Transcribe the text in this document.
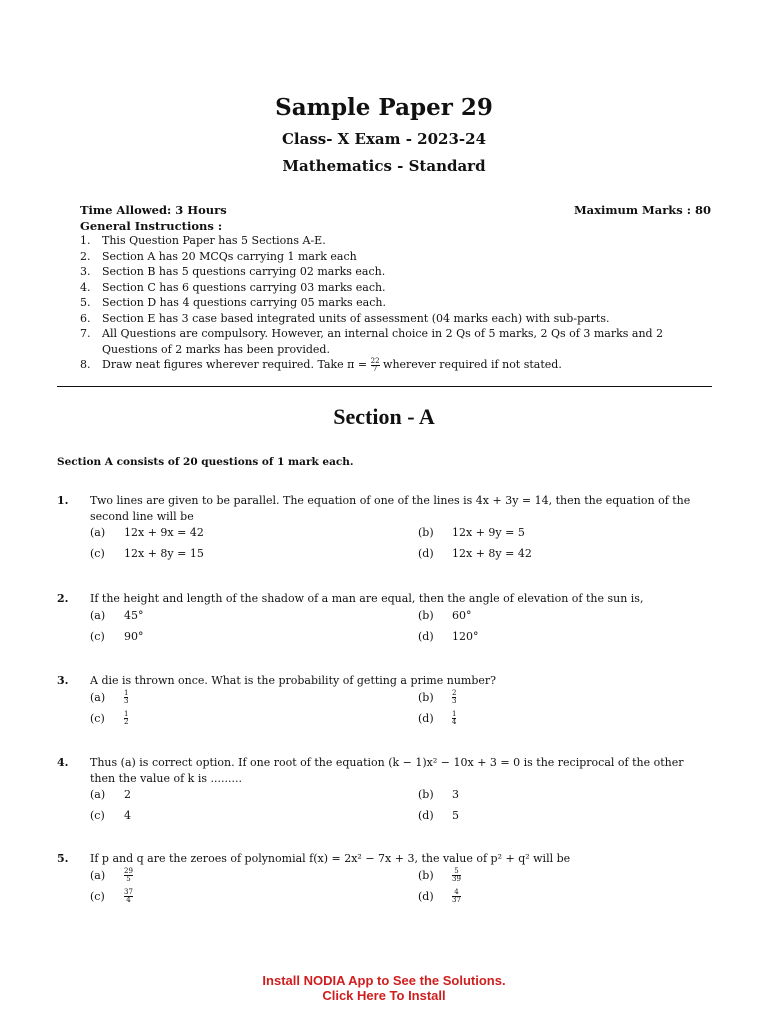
Sample Paper 29
Class- X Exam - 2023-24
Mathematics - Standard
Time Allowed: 3 Hours	Maximum Marks : 80
General Instructions :
1.	This Question Paper has 5 Sections A-E.
2.	Section A has 20 MCQs carrying 1 mark each
3.	Section B has 5 questions carrying 02 marks each.
4.	Section C has 6 questions carrying 03 marks each.
5.	Section D has 4 questions carrying 05 marks each.
6.	Section E has 3 case based integrated units of assessment (04 marks each) with sub-parts.
7.	All Questions are compulsory. However, an internal choice in 2 Qs of 5 marks, 2 Qs of 3 marks and 2 Questions of 2 marks has been provided.
8.	Draw neat figures wherever required. Take $\pi = \frac{22}{7}$ wherever required if not stated.
Section - A
Section A consists of 20 questions of 1 mark each.
1. Two lines are given to be parallel. The equation of one of the lines is 4x + 3y = 14, then the equation of the second line will be
(a) 12x + 9x = 42	(b) 12x + 9y = 5
(c) 12x + 8y = 15	(d) 12x + 8y = 42
2. If the height and length of the shadow of a man are equal, then the angle of elevation of the sun is,
(a) 45°	(b) 60°
(c) 90°	(d) 120°
3. A die is thrown once. What is the probability of getting a prime number?
(a)	$\frac{1}{3}$	(b)	$\frac{2}{3}$
(c)	$\frac{1}{2}$	(d)	$\frac{1}{4}$
4. Thus (a) is correct option. If one root of the equation (k − 1)x² − 10x + 3 = 0 is the reciprocal of the other then the value of k is .........
(a) 2	(b) 3
(c) 4	(d) 5
5. If p and q are the zeroes of polynomial f(x) = 2x² − 7x + 3, the value of p² + q² will be
(a)	$\frac{29}{5}$	(b)	$\frac{5}{39}$
(c)	$\frac{37}{4}$	(d)	$\frac{4}{37}$
Install NODIA App to See the Solutions.
Click Here To Install
